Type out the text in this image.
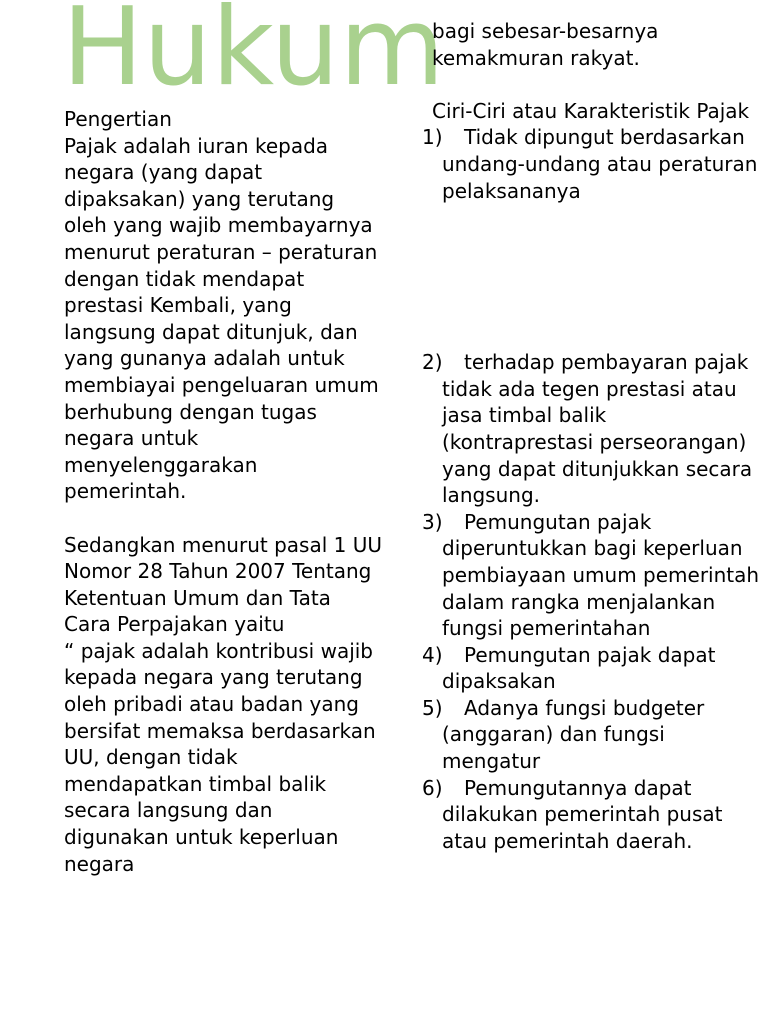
Hukum

Pengertian

Pajak adalah iuran kepada negara (yang dapat dipaksakan) yang terutang oleh yang wajib membayarnya menurut peraturan – peraturan dengan tidak mendapat prestasi Kembali, yang langsung dapat ditunjuk, dan yang gunanya adalah untuk membiayai pengeluaran umum berhubung dengan tugas negara untuk menyelenggarakan pemerintah.

Sedangkan menurut pasal 1 UU Nomor 28 Tahun 2007 Tentang Ketentuan Umum dan Tata Cara Perpajakan yaitu

“ pajak adalah kontribusi wajib kepada negara yang terutang oleh pribadi atau badan yang bersifat memaksa berdasarkan UU, dengan tidak mendapatkan timbal balik secara langsung dan digunakan untuk keperluan negara

bagi sebesar-besarnya kemakmuran rakyat.

Ciri-Ciri atau Karakteristik Pajak

1) Tidak dipungut berdasarkan undang-undang atau peraturan pelaksananya
2) terhadap pembayaran pajak tidak ada tegen prestasi atau jasa timbal balik (kontraprestasi perseorangan) yang dapat ditunjukkan secara langsung.
3) Pemungutan pajak diperuntukkan bagi keperluan pembiayaan umum pemerintah dalam rangka menjalankan fungsi pemerintahan
4) Pemungutan pajak dapat dipaksakan
5) Adanya fungsi budgeter (anggaran) dan fungsi mengatur
6) Pemungutannya dapat dilakukan pemerintah pusat atau pemerintah daerah.
